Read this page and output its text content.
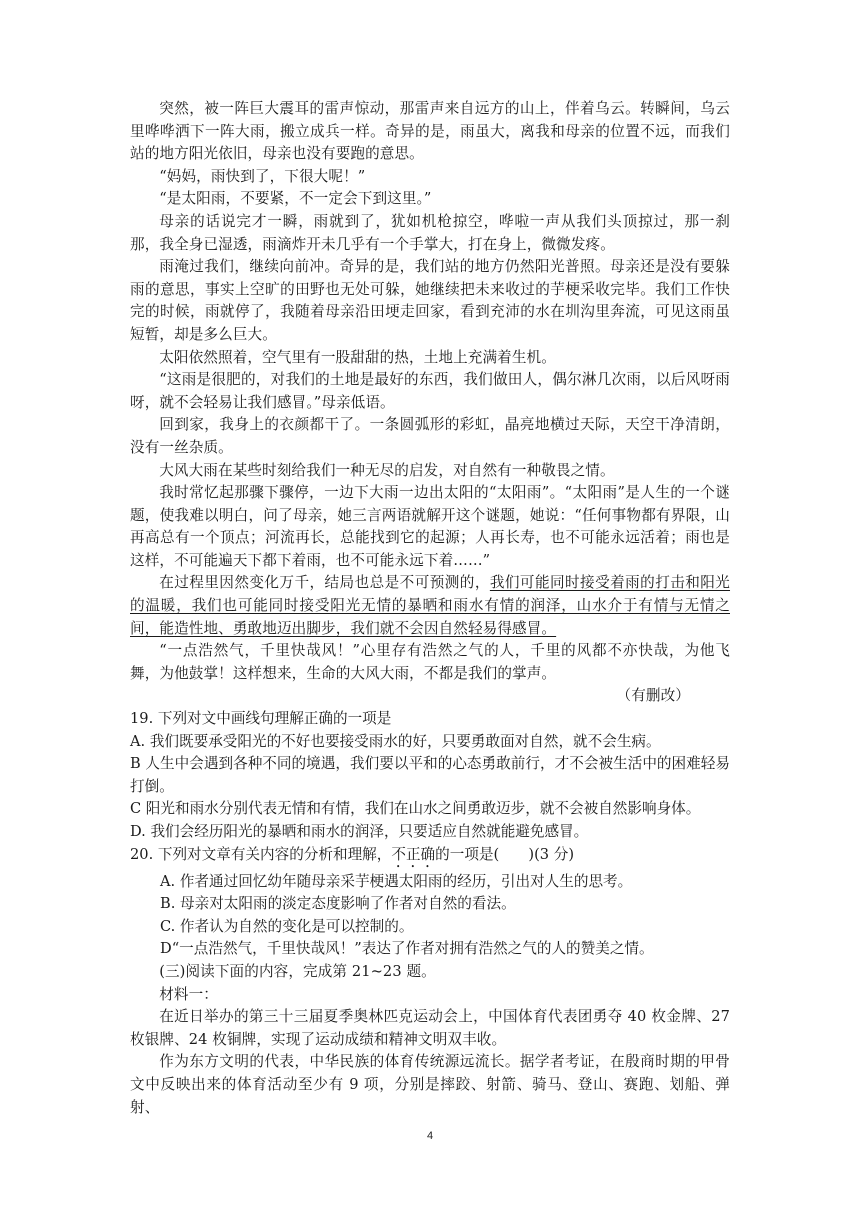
突然，被一阵巨大震耳的雷声惊动，那雷声来自远方的山上，伴着乌云。转瞬间，乌云里哗哗洒下一阵大雨，搬立成兵一样。奇异的是，雨虽大，离我和母亲的位置不远，而我们站的地方阳光依旧，母亲也没有要跑的意思。

“妈妈，雨快到了，下很大呢！”

“是太阳雨，不要紧，不一定会下到这里。”

母亲的话说完才一瞬，雨就到了，犹如机枪掠空，哗啦一声从我们头顶掠过，那一刹那，我全身已湿透，雨滴炸开未几乎有一个手掌大，打在身上，微微发疼。

雨淹过我们，继续向前冲。奇异的是，我们站的地方仍然阳光普照。母亲还是没有要躲雨的意思，事实上空旷的田野也无处可躲，她继续把未来收过的芋梗采收完毕。我们工作快完的时候，雨就停了，我随着母亲沿田埂走回家，看到充沛的水在圳沟里奔流，可见这雨虽短暂，却是多么巨大。

太阳依然照着，空气里有一股甜甜的热，土地上充满着生机。

“这雨是很肥的，对我们的土地是最好的东西，我们做田人，偶尔淋几次雨，以后风呀雨呀，就不会轻易让我们感冒。”母亲低语。

回到家，我身上的衣颜都干了。一条圆弧形的彩虹，晶亮地横过天际，天空干净清朗，没有一丝杂质。

大风大雨在某些时刻给我们一种无尽的启发，对自然有一种敬畏之情。

我时常忆起那骤下骤停，一边下大雨一边出太阳的“太阳雨”。“太阳雨”是人生的一个谜题，使我难以明白，问了母亲，她三言两语就解开这个谜题，她说：“任何事物都有界限，山再高总有一个顶点；河流再长，总能找到它的起源；人再长寿，也不可能永远活着；雨也是这样，不可能遍天下都下着雨，也不可能永远下着……”

在过程里因然变化万千，结局也总是不可预测的，我们可能同时接受着雨的打击和阳光的温暖，我们也可能同时接受阳光无情的暴晒和雨水有情的润泽，山水介于有情与无情之间，能造性地、勇敢地迈出脚步，我们就不会因自然轻易得感冒。

“一点浩然气，千里快哉风！”心里存有浩然之气的人，千里的风都不亦快哉，为他飞舞，为他鼓掌！这样想来，生命的大风大雨，不都是我们的掌声。

（有删改）

19. 下列对文中画线句理解正确的一项是

A. 我们既要承受阳光的不好也要接受雨水的好，只要勇敢面对自然，就不会生病。

B 人生中会遇到各种不同的境遇，我们要以平和的心态勇敢前行，才不会被生活中的困难轻易打倒。

C 阳光和雨水分别代表无情和有情，我们在山水之间勇敢迈步，就不会被自然影响身体。

D. 我们会经历阳光的暴晒和雨水的润泽，只要适应自然就能避免感冒。

20. 下列对文章有关内容的分析和理解，不正确的一项是(　　)(3 分)

A. 作者通过回忆幼年随母亲采芋梗遇太阳雨的经历，引出对人生的思考。

B. 母亲对太阳雨的淡定态度影响了作者对自然的看法。

C. 作者认为自然的变化是可以控制的。

D“一点浩然气，千里快哉风！”表达了作者对拥有浩然之气的人的赞美之情。

(三)阅读下面的内容，完成第 21~23 题。

材料一：

在近日举办的第三十三届夏季奥林匹克运动会上，中国体育代表团勇夺 40 枚金牌、27 枚银牌、24 枚铜牌，实现了运动成绩和精神文明双丰收。

作为东方文明的代表，中华民族的体育传统源远流长。据学者考证，在殷商时期的甲骨文中反映出来的体育活动至少有 9 项，分别是摔跤、射箭、骑马、登山、赛跑、划船、弹射、

4
